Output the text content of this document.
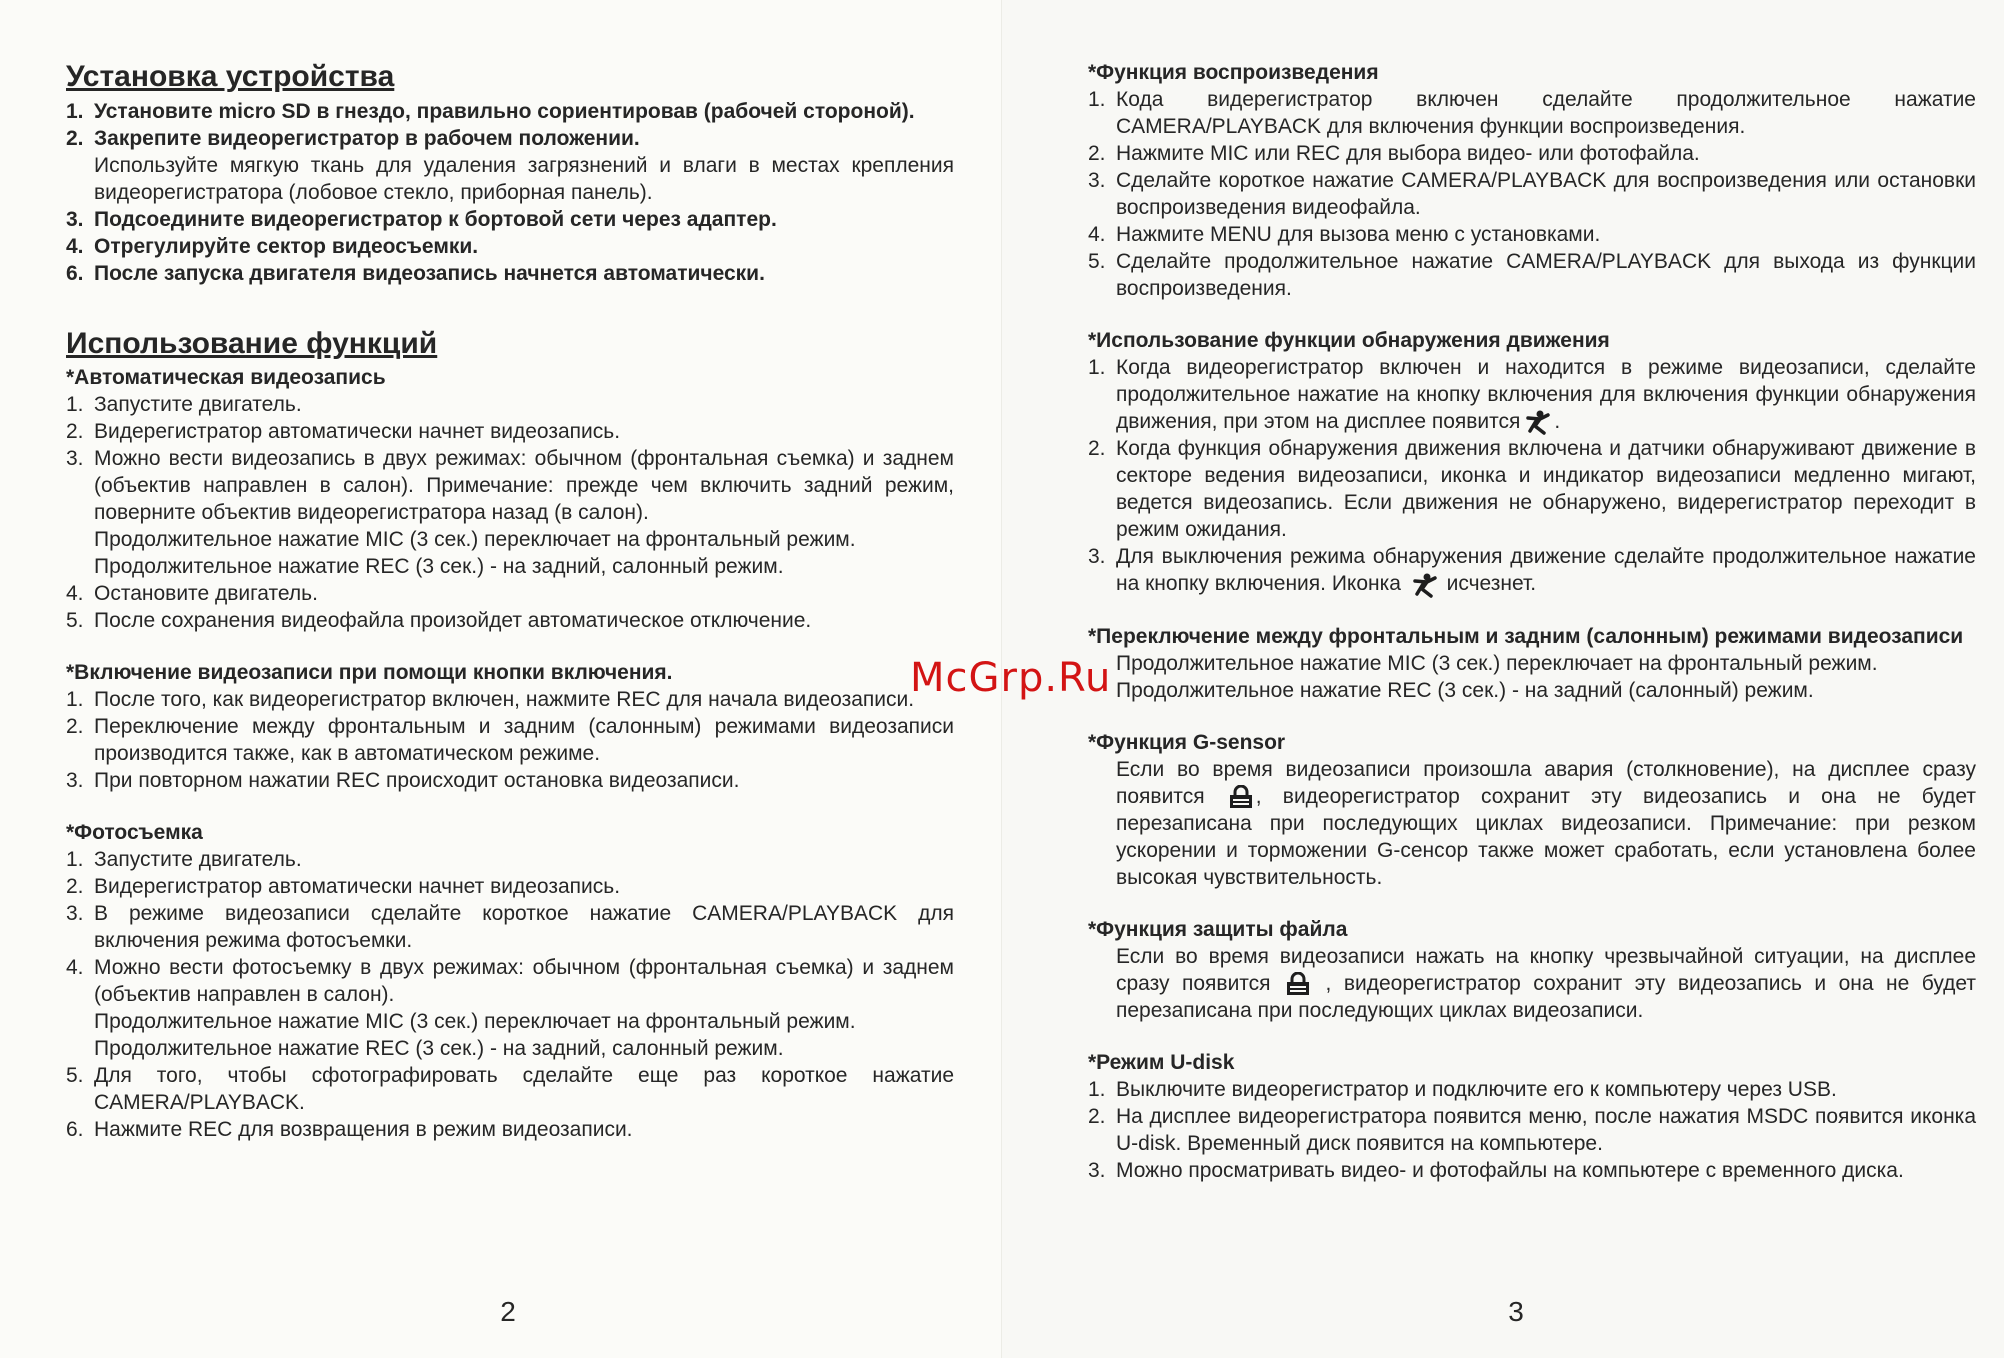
Установка устройства
1. Установите micro SD в гнездо, правильно сориентировав (рабочей стороной).
2. Закрепите видеорегистратор в рабочем положении.
Используйте мягкую ткань для удаления загрязнений и влаги в местах крепления видеорегистратора (лобовое стекло, приборная панель).
3. Подсоедините видеорегистратор к бортовой сети через адаптер.
4. Отрегулируйте сектор видеосъемки.
6. После запуска двигателя видеозапись начнется автоматически.
Использование функций
*Автоматическая видеозапись
1. Запустите двигатель.
2. Видерегистратор автоматически начнет видеозапись.
3. Можно вести видеозапись в двух режимах: обычном (фронтальная съемка) и заднем (объектив направлен в салон). Примечание: прежде чем включить задний режим, поверните объектив видеорегистратора назад (в салон).
Продолжительное нажатие MIC (3 сек.) переключает на фронтальный режим.
Продолжительное нажатие REC (3 сек.) - на задний, салонный режим.
4. Остановите двигатель.
5. После сохранения видеофайла произойдет автоматическое отключение.
*Включение видеозаписи при помощи кнопки включения.
1. После того, как видеорегистратор включен, нажмите REC для начала видеозаписи.
2. Переключение между фронтальным и задним (салонным) режимами видеозаписи производится также, как в автоматическом режиме.
3. При повторном нажатии REC происходит остановка видеозаписи.
*Фотосъемка
1. Запустите двигатель.
2. Видерегистратор автоматически начнет видеозапись.
3. В режиме видеозаписи сделайте короткое нажатие CAMERA/PLAYBACK для включения режима фотосъемки.
4. Можно вести фотосъемку в двух режимах: обычном (фронтальная съемка) и заднем (объектив направлен в салон).
Продолжительное нажатие MIC (3 сек.) переключает на фронтальный режим.
Продолжительное нажатие REC (3 сек.) - на задний, салонный режим.
5. Для того, чтобы сфотографировать сделайте еще раз короткое нажатие CAMERA/PLAYBACK.
6. Нажмите REC для возвращения в режим видеозаписи.
2
*Функция воспроизведения
1. Кода видерегистратор включен сделайте продолжительное нажатие CAMERA/PLAYBACK для включения функции воспроизведения.
2. Нажмите MIC или REC для выбора видео- или фотофайла.
3. Сделайте короткое нажатие CAMERA/PLAYBACK для воспроизведения или остановки воспроизведения видеофайла.
4. Нажмите MENU для вызова меню с установками.
5. Сделайте продолжительное нажатие CAMERA/PLAYBACK для выхода из функции воспроизведения.
*Использование функции обнаружения движения
1. Когда видеорегистратор включен и находится в режиме видеозаписи, сделайте продолжительное нажатие на кнопку включения для включения функции обнаружения движения, при этом на дисплее появится .
2. Когда функция обнаружения движения включена и датчики обнаруживают движение в секторе ведения видеозаписи, иконка и индикатор видеозаписи медленно мигают, ведется видеозапись. Если движения не обнаружено, видерегистратор переходит в режим ожидания.
3. Для выключения режима обнаружения движение сделайте продолжительное нажатие на кнопку включения. Иконка исчезнет.
*Переключение между фронтальным и задним (салонным) режимами видеозаписи
Продолжительное нажатие MIC (3 сек.) переключает на фронтальный режим.
Продолжительное нажатие REC (3 сек.) - на задний (салонный) режим.
*Функция G-sensor
Если во время видеозаписи произошла авария (столкновение), на дисплее сразу появится , видеорегистратор сохранит эту видеозапись и она не будет перезаписана при последующих циклах видеозаписи. Примечание: при резком ускорении и торможении G-сенсор также может сработать, если установлена более высокая чувствительность.
*Функция защиты файла
Если во время видеозаписи нажать на кнопку чрезвычайной ситуации, на дисплее сразу появится	, видеорегистратор сохранит эту видеозапись и она не будет перезаписана при последующих циклах видеозаписи.
*Режим U-disk
1. Выключите видеорегистратор и подключите его к компьютеру через USB.
2. На дисплее видеорегистратора появится меню, после нажатия MSDC появится иконка U-disk. Временный диск появится на компьютере.
3. Можно просматривать видео- и фотофайлы на компьютере с временного диска.
3
McGrp.Ru
